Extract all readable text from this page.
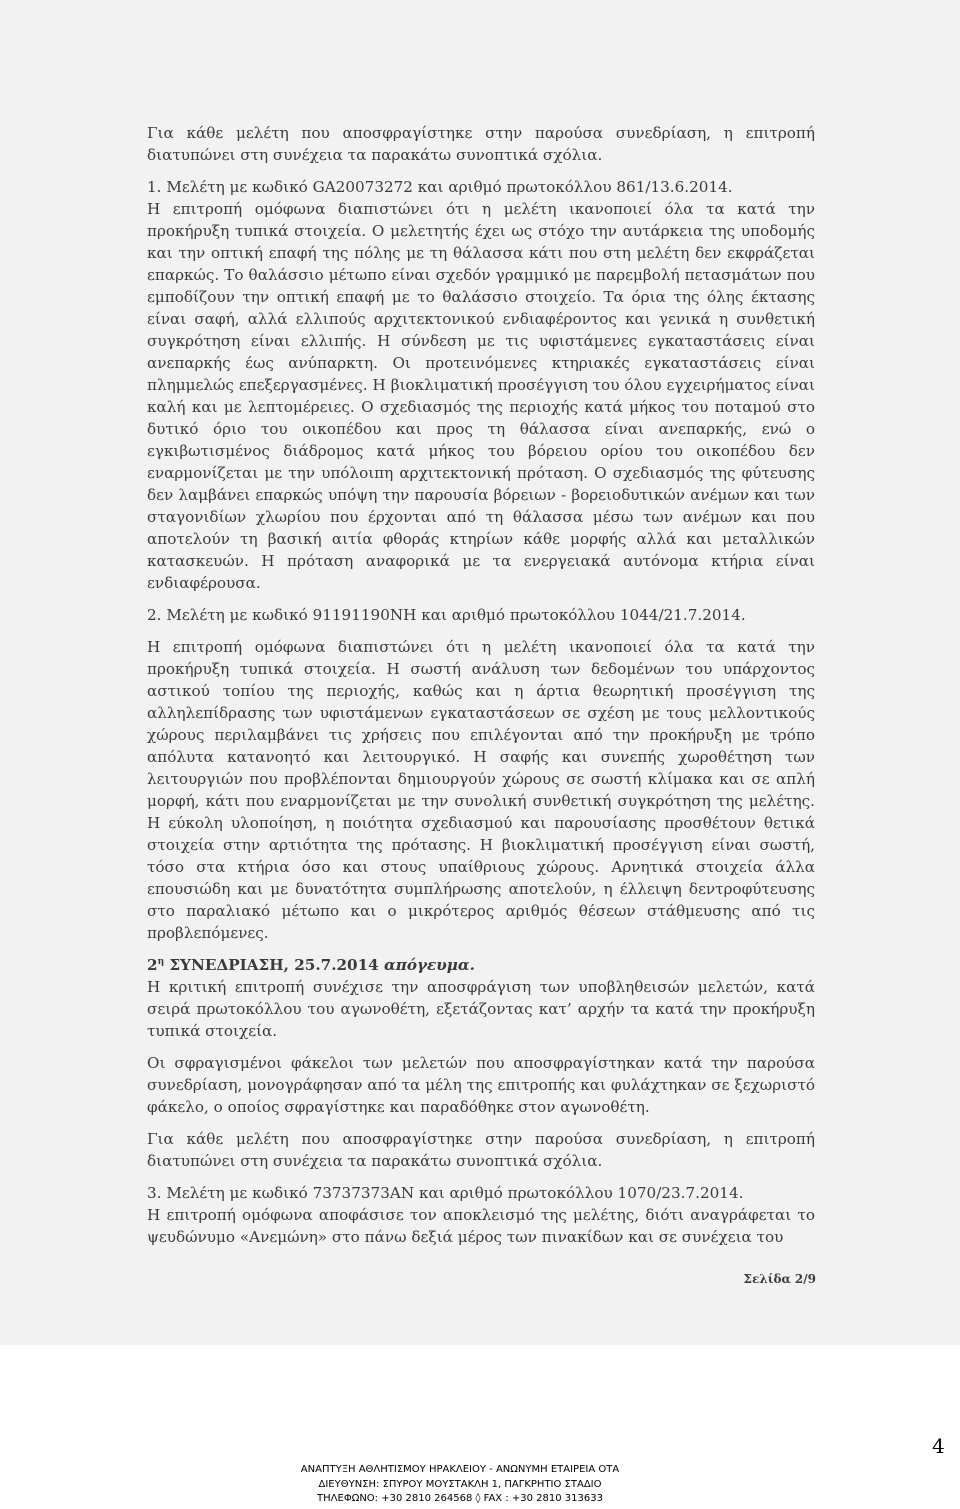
Για κάθε μελέτη που αποσφραγίστηκε στην παρούσα συνεδρίαση, η επιτροπή διατυπώνει στη συνέχεια τα παρακάτω συνοπτικά σχόλια.

1. Μελέτη με κωδικό GA20073272 και αριθμό πρωτοκόλλου 861/13.6.2014.

Η επιτροπή ομόφωνα διαπιστώνει ότι η μελέτη ικανοποιεί όλα τα κατά την προκήρυξη τυπικά στοιχεία. Ο μελετητής έχει ως στόχο την αυτάρκεια της υποδομής και την οπτική επαφή της πόλης με τη θάλασσα κάτι που στη μελέτη δεν εκφράζεται επαρκώς. Το θαλάσσιο μέτωπο είναι σχεδόν γραμμικό με παρεμβολή πετασμάτων που εμποδίζουν την οπτική επαφή με το θαλάσσιο στοιχείο. Τα όρια της όλης έκτασης είναι σαφή, αλλά ελλιπούς αρχιτεκτονικού ενδιαφέροντος και γενικά η συνθετική συγκρότηση είναι ελλιπής. Η σύνδεση με τις υφιστάμενες εγκαταστάσεις είναι ανεπαρκής έως ανύπαρκτη. Οι προτεινόμενες κτηριακές εγκαταστάσεις είναι πλημμελώς επεξεργασμένες. Η βιοκλιματική προσέγγιση του όλου εγχειρήματος είναι καλή και με λεπτομέρειες. Ο σχεδιασμός της περιοχής κατά μήκος του ποταμού στο δυτικό όριο του οικοπέδου και προς τη θάλασσα είναι ανεπαρκής, ενώ ο εγκιβωτισμένος διάδρομος κατά μήκος του βόρειου ορίου του οικοπέδου δεν εναρμονίζεται με την υπόλοιπη αρχιτεκτονική πρόταση. Ο σχεδιασμός της φύτευσης δεν λαμβάνει επαρκώς υπόψη την παρουσία βόρειων - βορειοδυτικών ανέμων και των σταγονιδίων χλωρίου που έρχονται από τη θάλασσα μέσω των ανέμων και που αποτελούν τη βασική αιτία φθοράς κτηρίων κάθε μορφής αλλά και μεταλλικών κατασκευών. Η πρόταση αναφορικά με τα ενεργειακά αυτόνομα κτήρια είναι ενδιαφέρουσα.

2. Μελέτη με κωδικό 91191190ΝΗ και αριθμό πρωτοκόλλου 1044/21.7.2014.

Η επιτροπή ομόφωνα διαπιστώνει ότι η μελέτη ικανοποιεί όλα τα κατά την προκήρυξη τυπικά στοιχεία. Η σωστή ανάλυση των δεδομένων του υπάρχοντος αστικού τοπίου της περιοχής, καθώς και η άρτια θεωρητική προσέγγιση της αλληλεπίδρασης των υφιστάμενων εγκαταστάσεων σε σχέση με τους μελλοντικούς χώρους περιλαμβάνει τις χρήσεις που επιλέγονται από την προκήρυξη με τρόπο απόλυτα κατανοητό και λειτουργικό. Η σαφής και συνεπής χωροθέτηση των λειτουργιών που προβλέπονται δημιουργούν χώρους σε σωστή κλίμακα και σε απλή μορφή, κάτι που εναρμονίζεται με την συνολική συνθετική συγκρότηση της μελέτης. Η εύκολη υλοποίηση, η ποιότητα σχεδιασμού και παρουσίασης προσθέτουν θετικά στοιχεία στην αρτιότητα της πρότασης. Η βιοκλιματική προσέγγιση είναι σωστή, τόσο στα κτήρια όσο και στους υπαίθριους χώρους. Αρνητικά στοιχεία άλλα επουσιώδη και με δυνατότητα συμπλήρωσης αποτελούν, η έλλειψη δεντροφύτευσης στο παραλιακό μέτωπο και ο μικρότερος αριθμός θέσεων στάθμευσης από τις προβλεπόμενες.

$2^\eta$ ΣΥΝΕΔΡΙΑΣΗ, 25.7.2014 απόγευμα.

Η κριτική επιτροπή συνέχισε την αποσφράγιση των υποβληθεισών μελετών, κατά σειρά πρωτοκόλλου του αγωνοθέτη, εξετάζοντας κατ’ αρχήν τα κατά την προκήρυξη τυπικά στοιχεία.

Οι σφραγισμένοι φάκελοι των μελετών που αποσφραγίστηκαν κατά την παρούσα συνεδρίαση, μονογράφησαν από τα μέλη της επιτροπής και φυλάχτηκαν σε ξεχωριστό φάκελο, ο οποίος σφραγίστηκε και παραδόθηκε στον αγωνοθέτη.

Για κάθε μελέτη που αποσφραγίστηκε στην παρούσα συνεδρίαση, η επιτροπή διατυπώνει στη συνέχεια τα παρακάτω συνοπτικά σχόλια.

3. Μελέτη με κωδικό 73737373ΑΝ και αριθμό πρωτοκόλλου 1070/23.7.2014.

Η επιτροπή ομόφωνα αποφάσισε τον αποκλεισμό της μελέτης, διότι αναγράφεται το ψευδώνυμο «Ανεμώνη» στο πάνω δεξιά μέρος των πινακίδων και σε συνέχεια του

Σελίδα 2/9
4
ΑΝΑΠΤΥΞΗ ΑΘΛΗΤΙΣΜΟΥ ΗΡΑΚΛΕΙΟΥ - ΑΝΩΝΥΜΗ ΕΤΑΙΡΕΙΑ ΟΤΑ
ΔΙΕΥΘΥΝΣΗ: ΣΠΥΡΟΥ ΜΟΥΣΤΑΚΛΗ 1, ΠΑΓΚΡΗΤΙΟ ΣΤΑΔΙΟ
ΤΗΛΕΦΩΝΟ: +30 2810 264568 ◊ FAX : +30 2810 313633
